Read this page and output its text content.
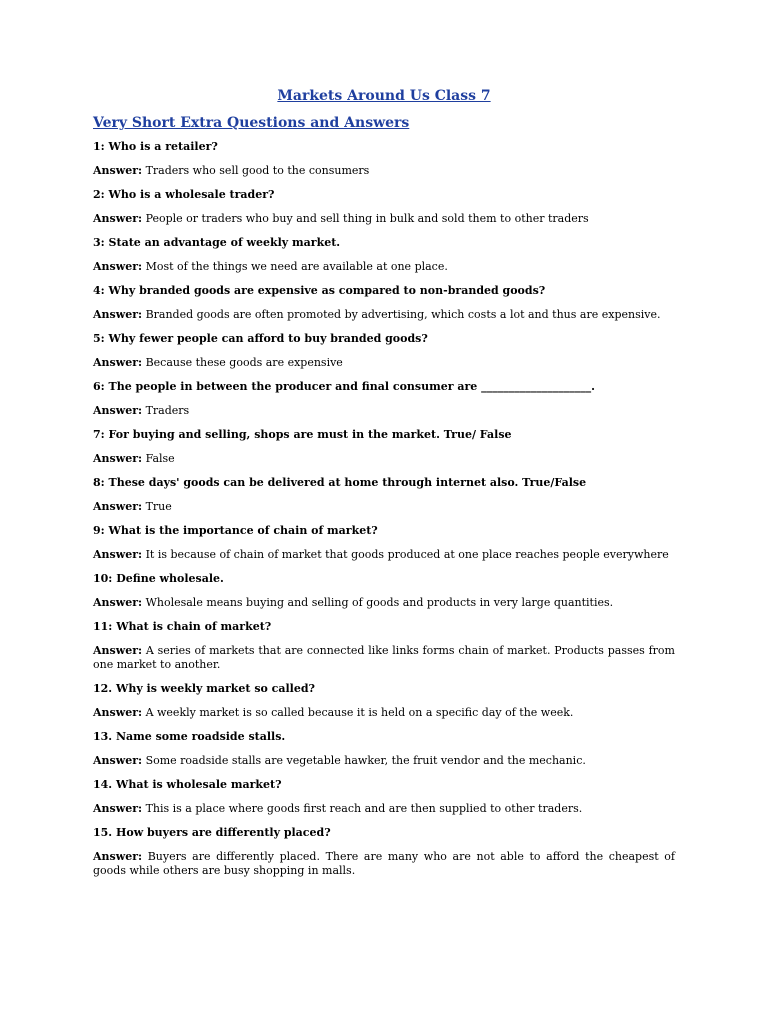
Markets Around Us Class 7
Very Short Extra Questions and Answers
1: Who is a retailer?
Answer: Traders who sell good to the consumers
2: Who is a wholesale trader?
Answer: People or traders who buy and sell thing in bulk and sold them to other traders
3: State an advantage of weekly market.
Answer: Most of the things we need are available at one place.
4: Why branded goods are expensive as compared to non-branded goods?
Answer: Branded goods are often promoted by advertising, which costs a lot and thus are expensive.
5: Why fewer people can afford to buy branded goods?
Answer: Because these goods are expensive
6: The people in between the producer and final consumer are ____________________.
Answer: Traders
7: For buying and selling, shops are must in the market. True/ False
Answer: False
8: These days' goods can be delivered at home through internet also. True/False
Answer: True
9: What is the importance of chain of market?
Answer: It is because of chain of market that goods produced at one place reaches people everywhere
10: Define wholesale.
Answer: Wholesale means buying and selling of goods and products in very large quantities.
11: What is chain of market?
Answer: A series of markets that are connected like links forms chain of market. Products passes from one market to another.
12. Why is weekly market so called?
Answer: A weekly market is so called because it is held on a specific day of the week.
13. Name some roadside stalls.
Answer: Some roadside stalls are vegetable hawker, the fruit vendor and the mechanic.
14. What is wholesale market?
Answer: This is a place where goods first reach and are then supplied to other traders.
15. How buyers are differently placed?
Answer: Buyers are differently placed. There are many who are not able to afford the cheapest of goods while others are busy shopping in malls.
